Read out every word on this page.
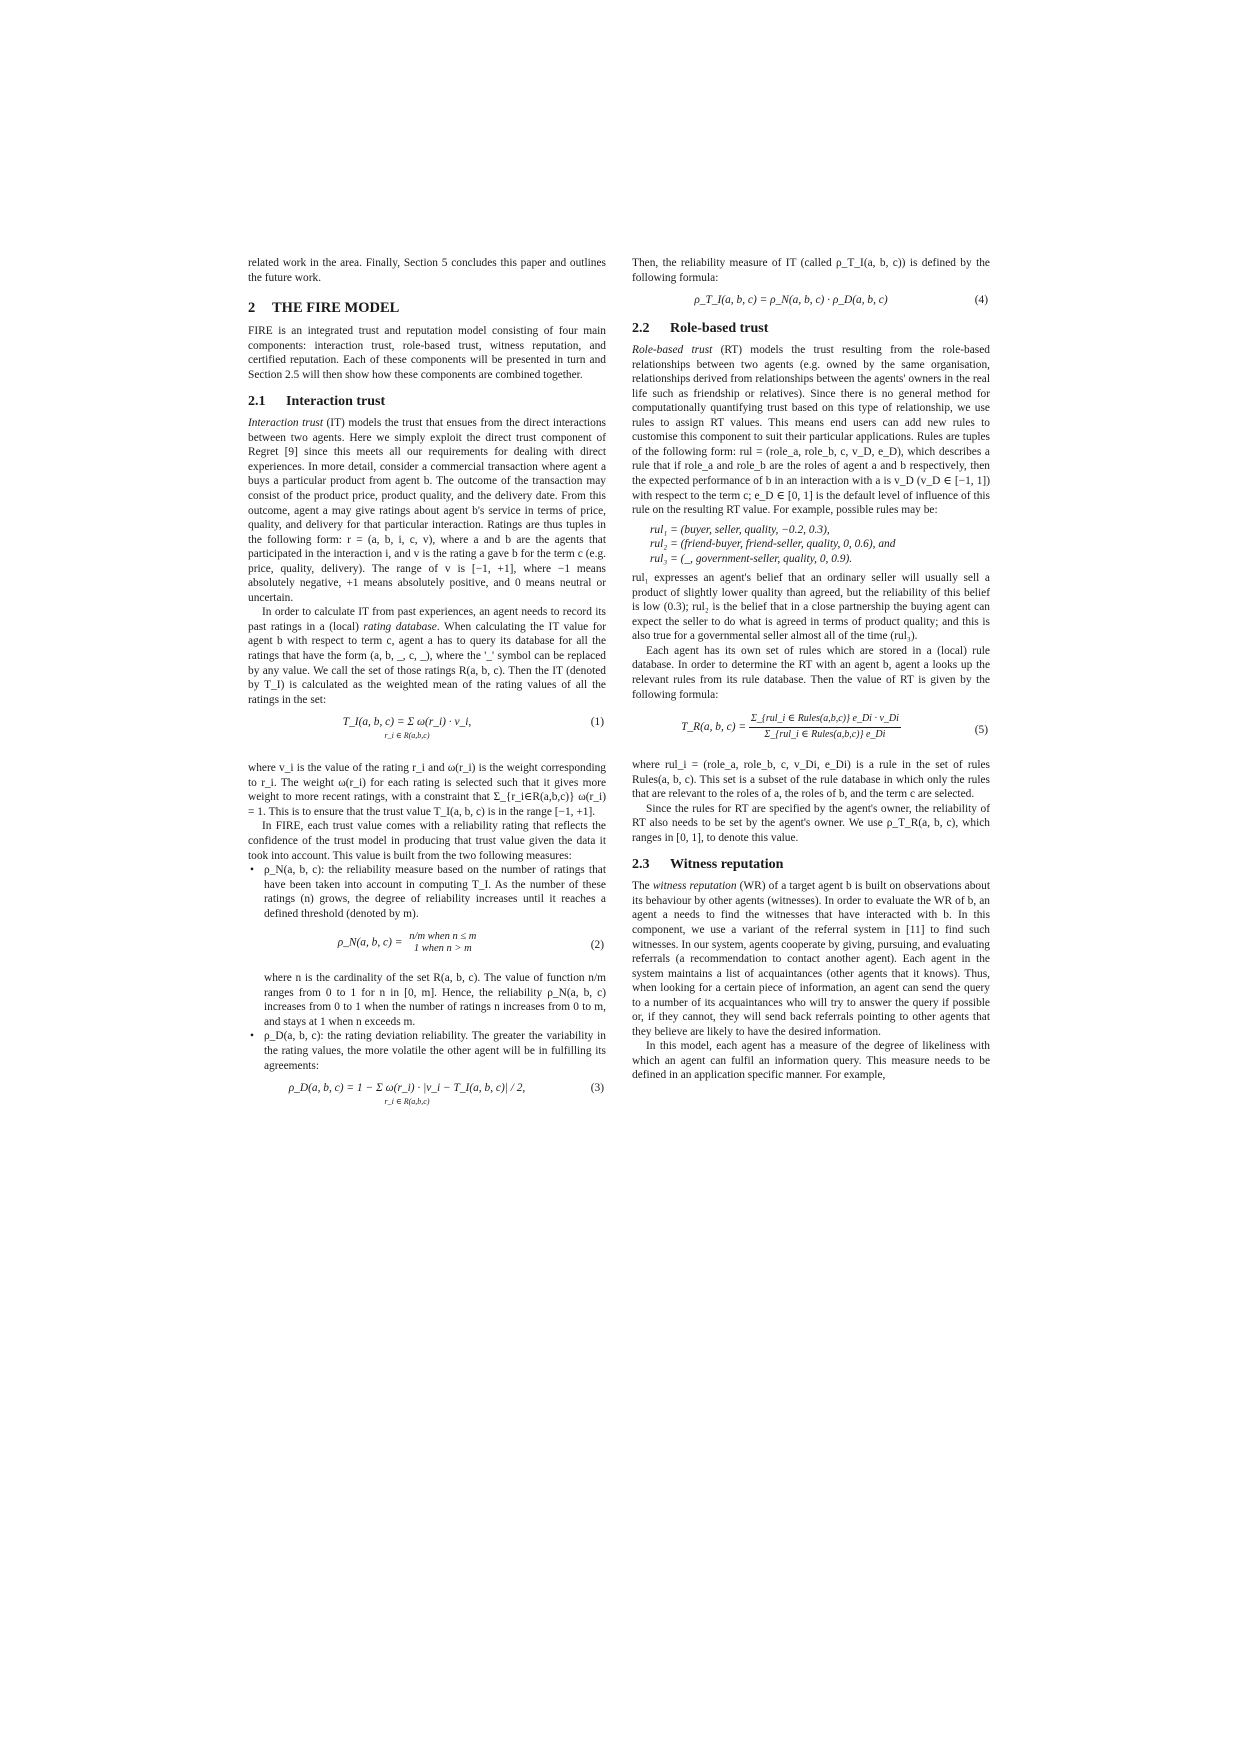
related work in the area. Finally, Section 5 concludes this paper and outlines the future work.

2 THE FIRE MODEL

FIRE is an integrated trust and reputation model consisting of four main components: interaction trust, role-based trust, witness reputation, and certified reputation. Each of these components will be presented in turn and Section 2.5 will then show how these components are combined together.

2.1 Interaction trust

Interaction trust (IT) models the trust that ensues from the direct interactions between two agents. Here we simply exploit the direct trust component of Regret [9] since this meets all our requirements for dealing with direct experiences. In more detail, consider a commercial transaction where agent a buys a particular product from agent b. The outcome of the transaction may consist of the product price, product quality, and the delivery date. From this outcome, agent a may give ratings about agent b's service in terms of price, quality, and delivery for that particular interaction. Ratings are thus tuples in the following form: r = (a, b, i, c, v), where a and b are the agents that participated in the interaction i, and v is the rating a gave b for the term c (e.g. price, quality, delivery). The range of v is [−1, +1], where −1 means absolutely negative, +1 means absolutely positive, and 0 means neutral or uncertain.

In order to calculate IT from past experiences, an agent needs to record its past ratings in a (local) rating database. When calculating the IT value for agent b with respect to term c, agent a has to query its database for all the ratings that have the form (a, b, _, c, _), where the '_' symbol can be replaced by any value. We call the set of those ratings R(a, b, c). Then the IT (denoted by T_I) is calculated as the weighted mean of the rating values of all the ratings in the set:

T_I(a, b, c) = Σ ω(r_i) · v_i,
r_i ∈ R(a,b,c)
(1)

where v_i is the value of the rating r_i and ω(r_i) is the weight corresponding to r_i. The weight ω(r_i) for each rating is selected such that it gives more weight to more recent ratings, with a constraint that Σ_{r_i∈R(a,b,c)} ω(r_i) = 1. This is to ensure that the trust value T_I(a, b, c) is in the range [−1, +1].

In FIRE, each trust value comes with a reliability rating that reflects the confidence of the trust model in producing that trust value given the data it took into account. This value is built from the two following measures:

• ρ_N(a, b, c): the reliability measure based on the number of ratings that have been taken into account in computing T_I. As the number of these ratings (n) grows, the degree of reliability increases until it reaches a defined threshold (denoted by m).

ρ_N(a, b, c) =
n/m when n ≤ m
1 when n > m	(2)

where n is the cardinality of the set R(a, b, c). The value of function n/m ranges from 0 to 1 for n in [0, m]. Hence, the reliability ρ_N(a, b, c) increases from 0 to 1 when the number of ratings n increases from 0 to m, and stays at 1 when n exceeds m.

• ρ_D(a, b, c): the rating deviation reliability. The greater the variability in the rating values, the more volatile the other agent will be in fulfilling its agreements:

ρ_D(a, b, c) = 1 − Σ ω(r_i) · |v_i − T_I(a, b, c)| / 2,
r_i ∈ R(a,b,c)
(3)

Then, the reliability measure of IT (called ρ_T_I(a, b, c)) is defined by the following formula:

ρ_T_I(a, b, c) = ρ_N(a, b, c) · ρ_D(a, b, c)	(4)
2.2 Role-based trust

Role-based trust (RT) models the trust resulting from the role-based relationships between two agents (e.g. owned by the same organisation, relationships derived from relationships between the agents' owners in the real life such as friendship or relatives). Since there is no general method for computationally quantifying trust based on this type of relationship, we use rules to assign RT values. This means end users can add new rules to customise this component to suit their particular applications. Rules are tuples of the following form: rul = (role_a, role_b, c, v_D, e_D), which describes a rule that if role_a and role_b are the roles of agent a and b respectively, then the expected performance of b in an interaction with a is v_D (v_D ∈ [−1, 1]) with respect to the term c; e_D ∈ [0, 1] is the default level of influence of this rule on the resulting RT value. For example, possible rules may be:

rul₁ = (buyer, seller, quality, −0.2, 0.3),
rul₂ = (friend-buyer, friend-seller, quality, 0, 0.6), and
rul₃ = (_, government-seller, quality, 0, 0.9).

rul₁ expresses an agent's belief that an ordinary seller will usually sell a product of slightly lower quality than agreed, but the reliability of this belief is low (0.3); rul₂ is the belief that in a close partnership the buying agent can expect the seller to do what is agreed in terms of product quality; and this is also true for a governmental seller almost all of the time (rul₃).

Each agent has its own set of rules which are stored in a (local) rule database. In order to determine the RT with an agent b, agent a looks up the relevant rules from its rule database. Then the value of RT is given by the following formula:

T_R(a, b, c) =
Σ_{rul_i ∈ Rules(a,b,c)} e_Di · v_Di
Σ_{rul_i ∈ Rules(a,b,c)} e_Di	(5)

where rul_i = (role_a, role_b, c, v_Di, e_Di) is a rule in the set of rules Rules(a, b, c). This set is a subset of the rule database in which only the rules that are relevant to the roles of a, the roles of b, and the term c are selected.

Since the rules for RT are specified by the agent's owner, the reliability of RT also needs to be set by the agent's owner. We use ρ_T_R(a, b, c), which ranges in [0, 1], to denote this value.

2.3 Witness reputation

The witness reputation (WR) of a target agent b is built on observations about its behaviour by other agents (witnesses). In order to evaluate the WR of b, an agent a needs to find the witnesses that have interacted with b. In this component, we use a variant of the referral system in [11] to find such witnesses. In our system, agents cooperate by giving, pursuing, and evaluating referrals (a recommendation to contact another agent). Each agent in the system maintains a list of acquaintances (other agents that it knows). Thus, when looking for a certain piece of information, an agent can send the query to a number of its acquaintances who will try to answer the query if possible or, if they cannot, they will send back referrals pointing to other agents that they believe are likely to have the desired information.

In this model, each agent has a measure of the degree of likeliness with which an agent can fulfil an information query. This measure needs to be defined in an application specific manner. For example,
